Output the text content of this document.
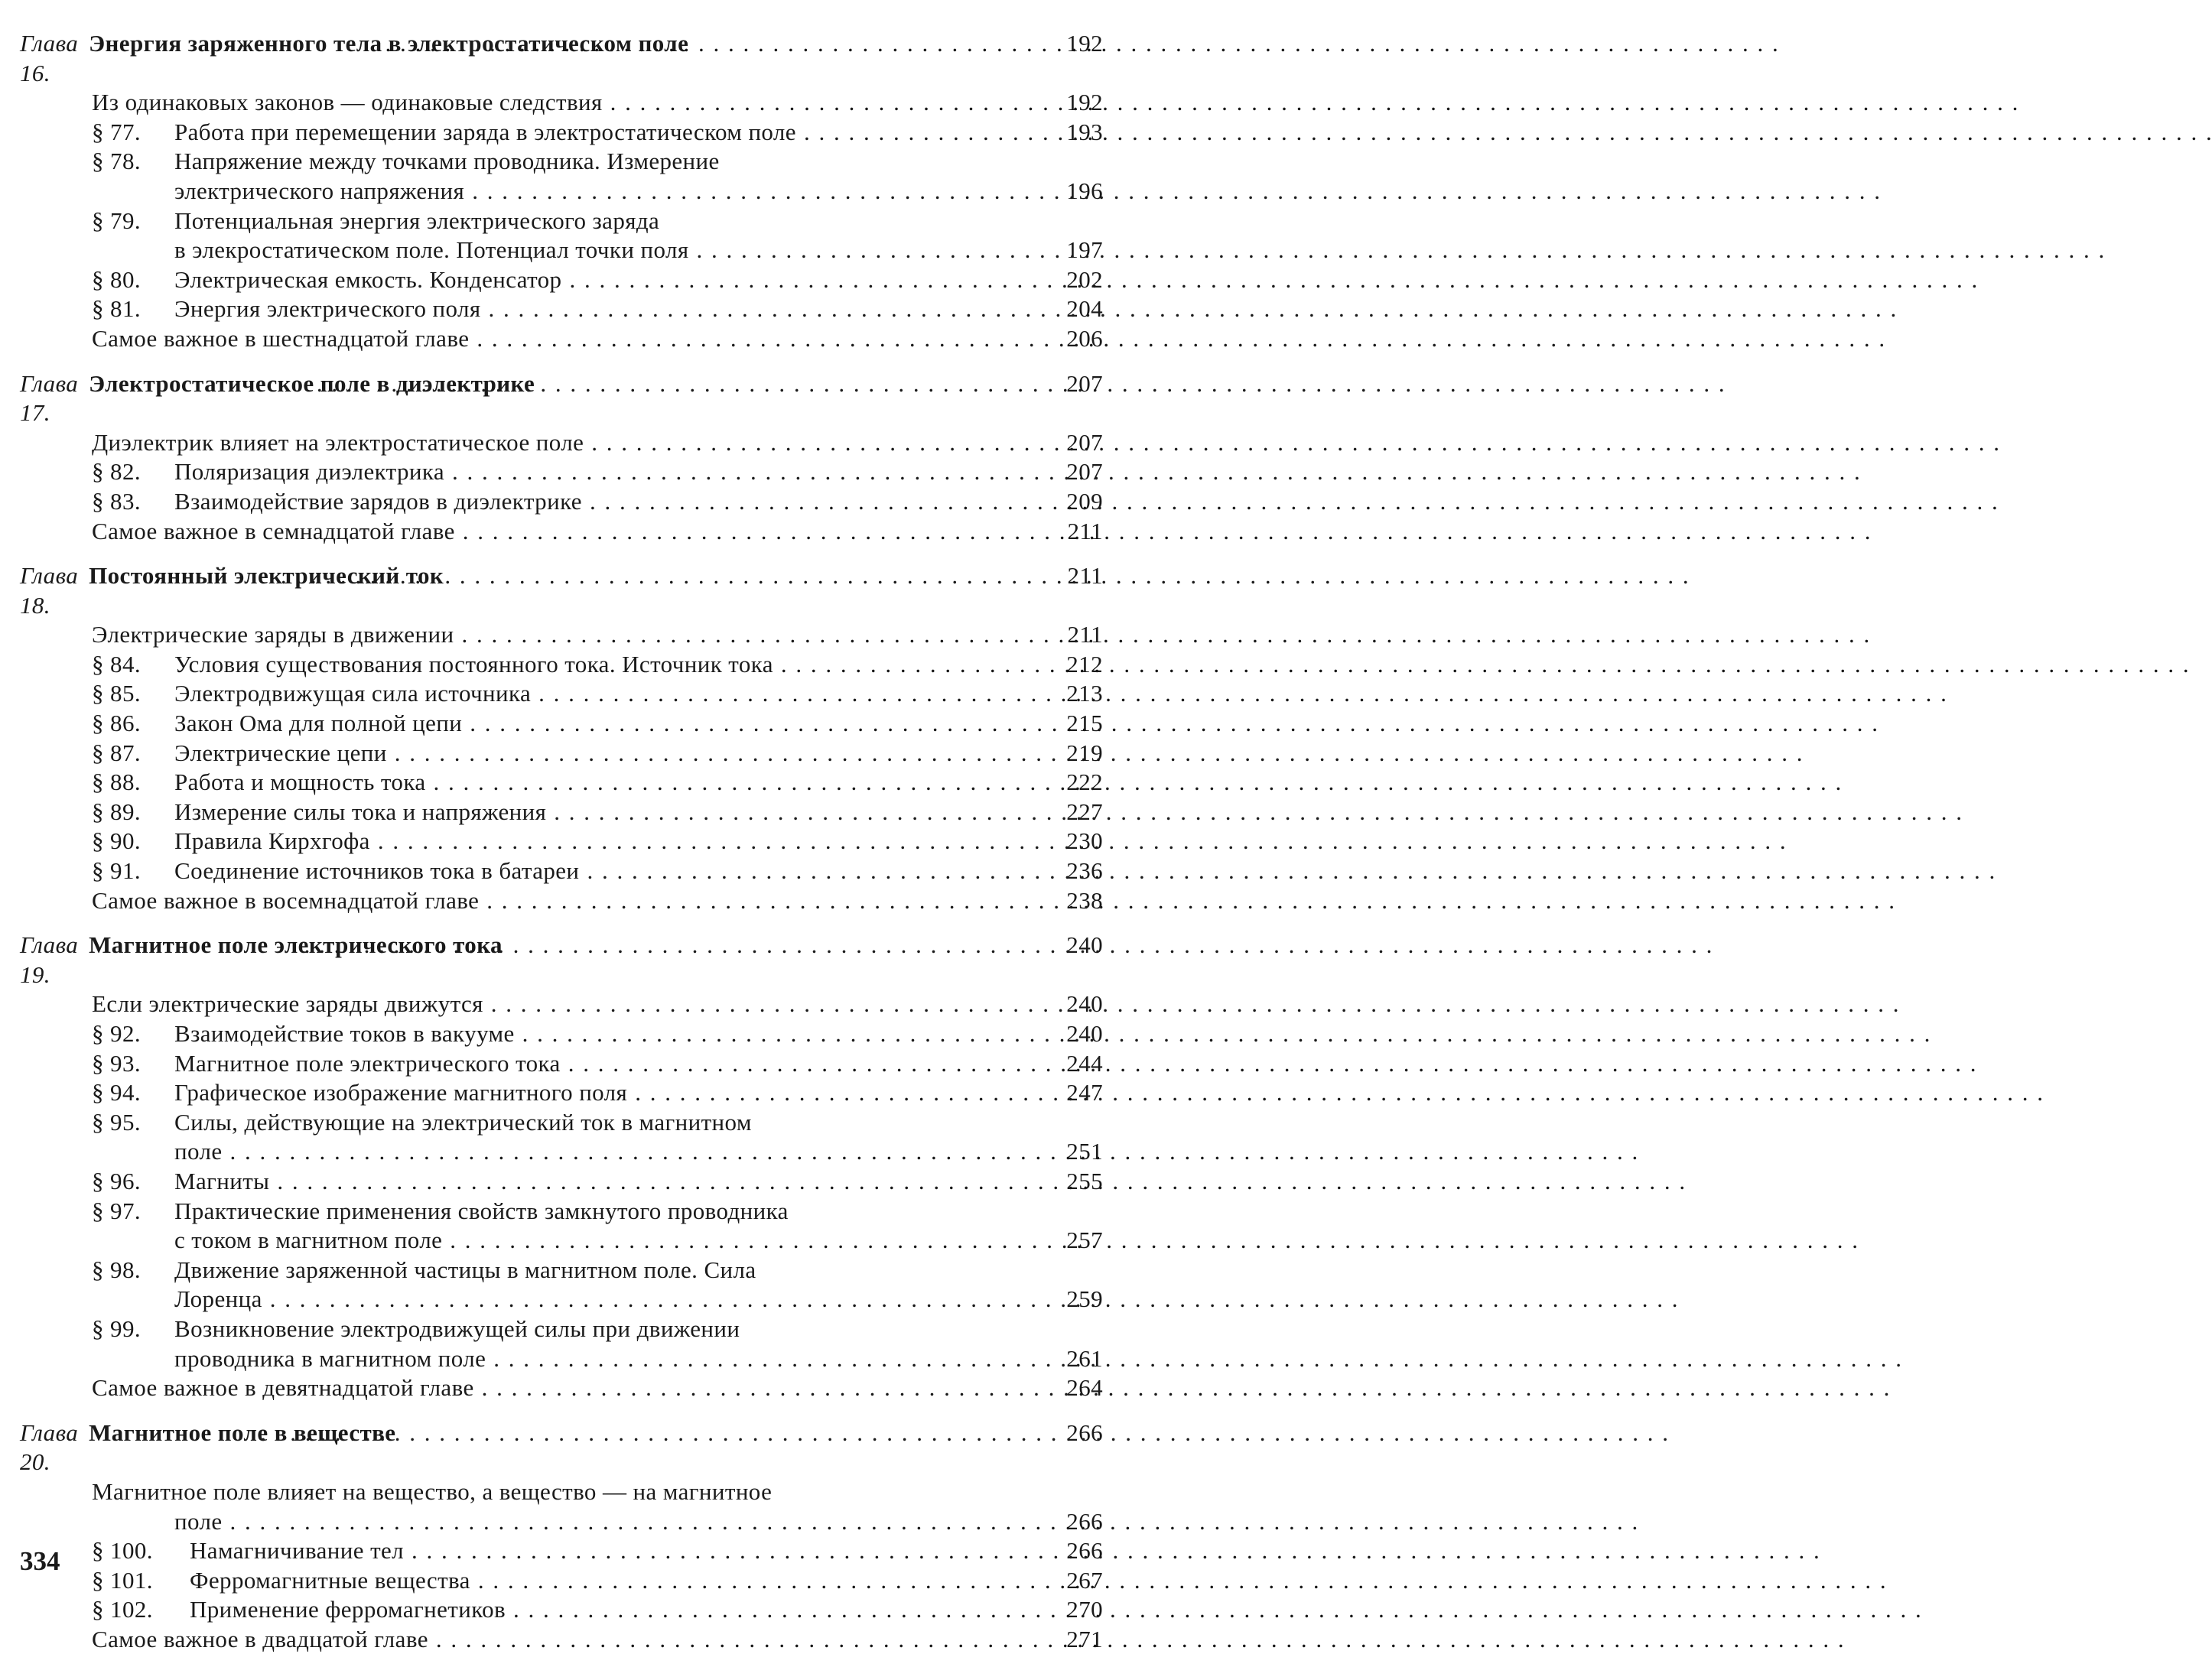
Глава 16.
Энергия заряженного тела в электростатическом поле . . .	192
Из одинаковых законов — одинаковые следствия . . .	192
§ 77.	Работа при перемещении заряда в электростатическом поле . . .	193
§ 78.	Напряжение между точками проводника. Измерение
электрического напряжения . . .	196
§ 79.	Потенциальная энергия электрического заряда
в элекростатическом поле. Потенциал точки поля . . .	197
§ 80.	Электрическая емкость. Конденсатор . . .	202
§ 81.	Энергия электрического поля . . .	204
Самое важное в шестнадцатой главе . . .	206
Глава 17.
Электростатическое поле в диэлектрике . . .	207
Диэлектрик влияет на электростатическое поле . . .	207
§ 82.	Поляризация диэлектрика . . .	207
§ 83.	Взаимодействие зарядов в диэлектрике . . .	209
Самое важное в семнадцатой главе . . .	211
Глава 18.
Постоянный электрический ток . . .	211
Электрические заряды в движении . . .	211
§ 84.	Условия существования постоянного тока. Источник тока . . .	212
§ 85.	Электродвижущая сила источника . . .	213
§ 86.	Закон Ома для полной цепи . . .	215
§ 87.	Электрические цепи . . .	219
§ 88.	Работа и мощность тока . . .	222
§ 89.	Измерение силы тока и напряжения . . .	227
§ 90.	Правила Кирхгофа . . .	230
§ 91.	Соединение источников тока в батареи . . .	236
Самое важное в восемнадцатой главе . . .	238
Глава 19.
Магнитное поле электрического тока . . .	240
Если электрические заряды движутся . . .	240
§ 92.	Взаимодействие токов в вакууме . . .	240
§ 93.	Магнитное поле электрического тока . . .	244
§ 94.	Графическое изображение магнитного поля . . .	247
§ 95.	Силы, действующие на электрический ток в магнитном
поле . . .	251
§ 96.	Магниты . . .	255
§ 97.	Практические применения свойств замкнутого проводника
с током в магнитном поле . . .	257
§ 98.	Движение заряженной частицы в магнитном поле. Сила
Лоренца . . .	259
§ 99.	Возникновение электродвижущей силы при движении
проводника в магнитном поле . . .	261
Самое важное в девятнадцатой главе . . .	264
Глава 20.
Магнитное поле в веществе . . .	266
Магнитное поле влияет на вещество, а вещество — на магнитное
поле . . .	266
§ 100.	Намагничивание тел . . .	266
§ 101.	Ферромагнитные вещества . . .	267
§ 102.	Применение ферромагнетиков . . .	270
Самое важное в двадцатой главе . . .	271
334
